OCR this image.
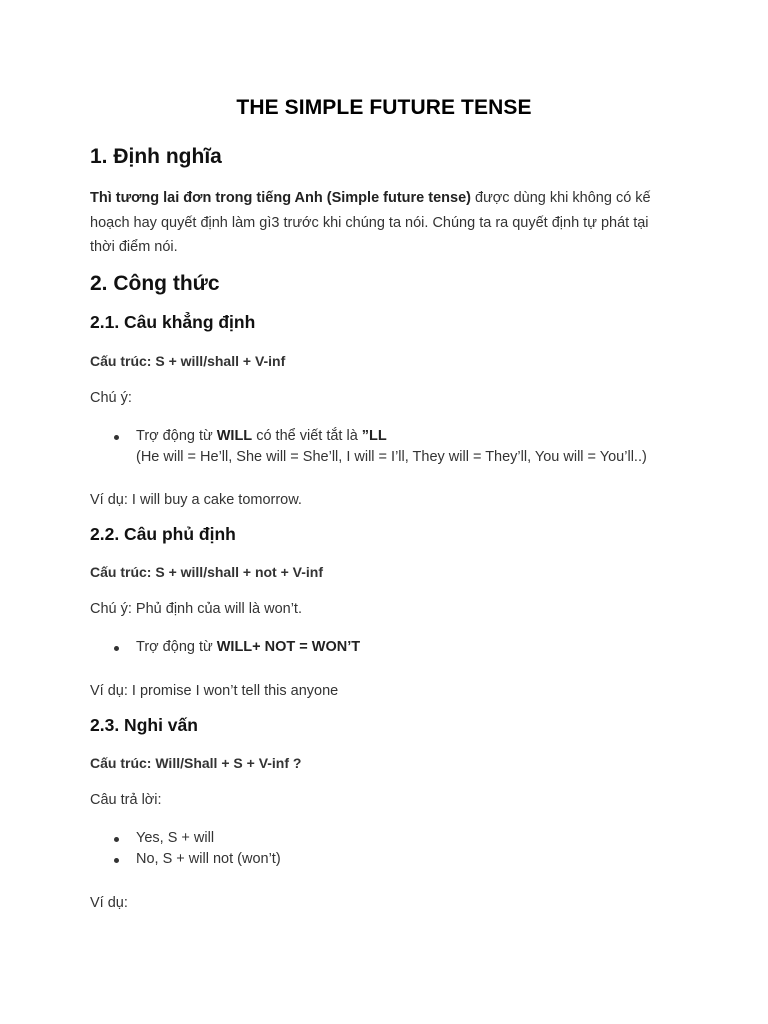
THE SIMPLE FUTURE TENSE
1. Định nghĩa

Thì tương lai đơn trong tiếng Anh (Simple future tense) được dùng khi không có kế
hoạch hay quyết định làm gì3 trước khi chúng ta nói. Chúng ta ra quyết định tự phát tại
thời điểm nói.

2. Công thức
2.1. Câu khẳng định

Cấu trúc: S + will/shall + V-inf

Chú ý:

Trợ động từ WILL có thể viết tắt là ”LL
(He will = He’ll, She will = She’ll, I will = I’ll, They will = They’ll, You will = You’ll..)

Ví dụ: I will buy a cake tomorrow.

2.2. Câu phủ định

Cấu trúc: S + will/shall + not + V-inf

Chú ý: Phủ định của will là won’t.

Trợ động từ WILL+ NOT = WON’T

Ví dụ: I promise I won’t tell this anyone

2.3. Nghi vấn

Cấu trúc: Will/Shall + S + V-inf ?

Câu trả lời:

Yes, S + will
No, S + will not (won’t)

Ví dụ:
